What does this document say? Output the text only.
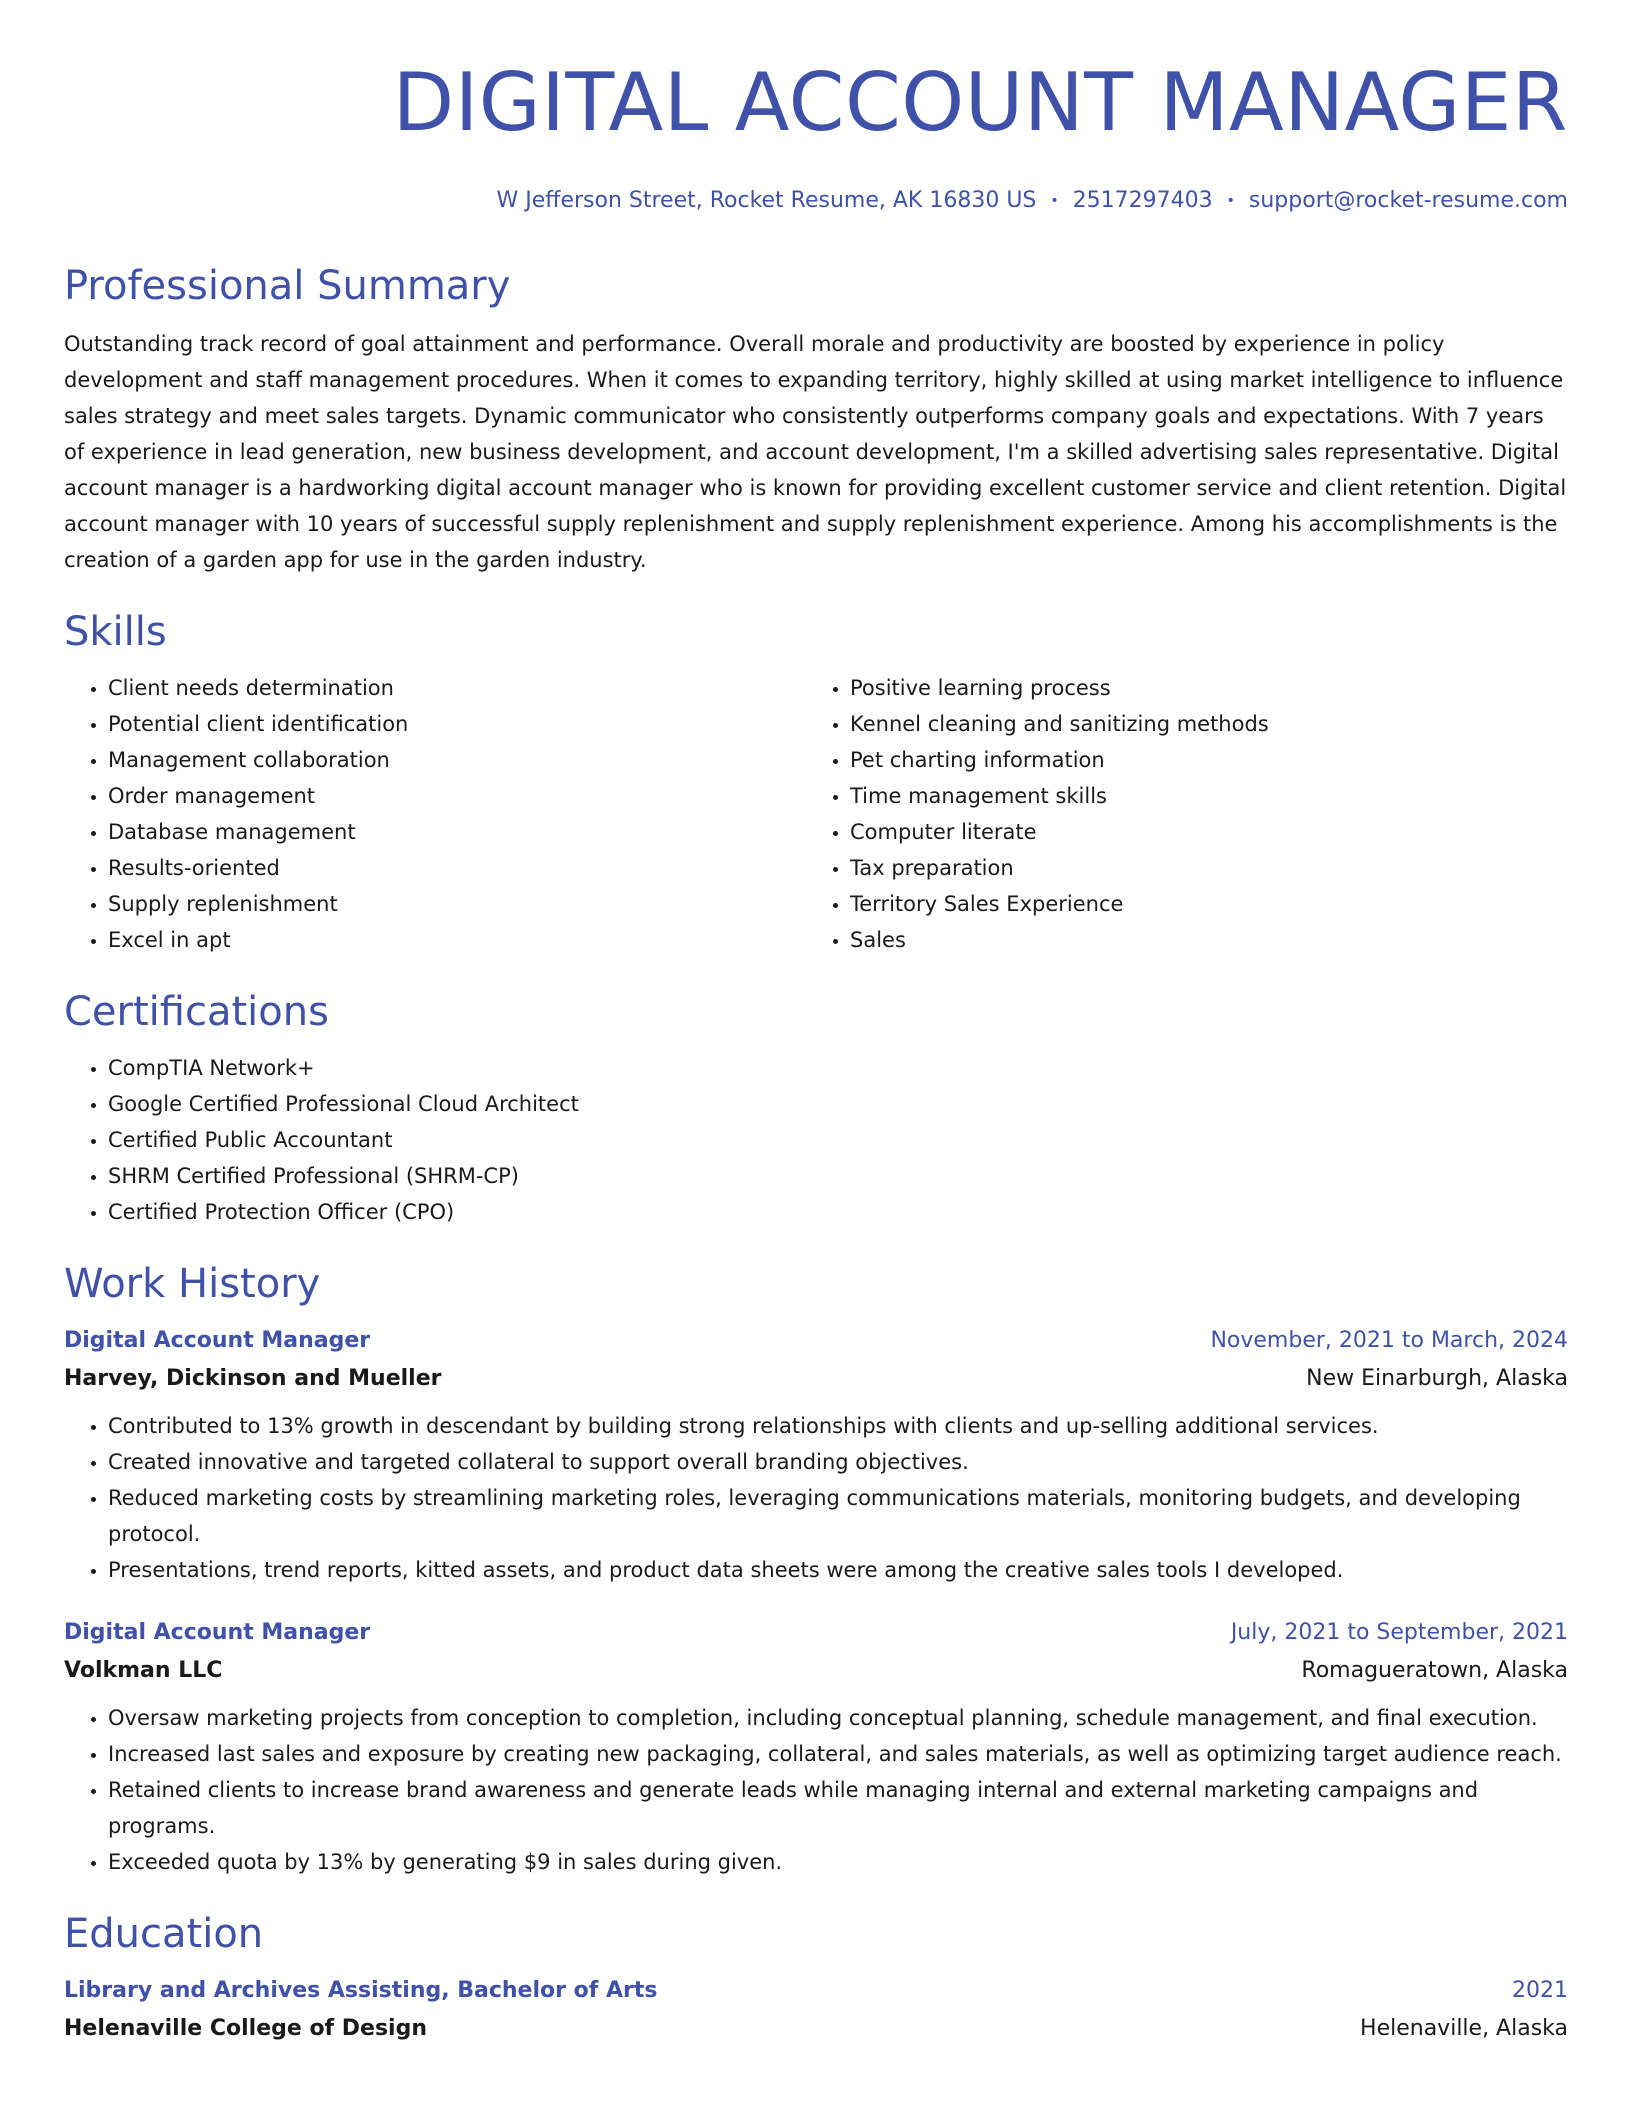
DIGITAL ACCOUNT MANAGER
W Jefferson Street, Rocket Resume, AK 16830 US • 2517297403 • support@rocket-resume.com
Professional Summary

Outstanding track record of goal attainment and performance. Overall morale and productivity are boosted by experience in policy development and staff management procedures. When it comes to expanding territory, highly skilled at using market intelligence to influence sales strategy and meet sales targets. Dynamic communicator who consistently outperforms company goals and expectations. With 7 years of experience in lead generation, new business development, and account development, I'm a skilled advertising sales representative. Digital account manager is a hardworking digital account manager who is known for providing excellent customer service and client retention. Digital account manager with 10 years of successful supply replenishment and supply replenishment experience. Among his accomplishments is the creation of a garden app for use in the garden industry.

Skills
• Client needs determination
• Potential client identification
• Management collaboration
• Order management
• Database management
• Results-oriented
• Supply replenishment
• Excel in apt
• Positive learning process
• Kennel cleaning and sanitizing methods
• Pet charting information
• Time management skills
• Computer literate
• Tax preparation
• Territory Sales Experience
• Sales
Certifications
• CompTIA Network+
• Google Certified Professional Cloud Architect
• Certified Public Accountant
• SHRM Certified Professional (SHRM-CP)
• Certified Protection Officer (CPO)
Work History
Digital Account Manager	November, 2021 to March, 2024
Harvey, Dickinson and Mueller	New Einarburgh, Alaska
• Contributed to 13% growth in descendant by building strong relationships with clients and up-selling additional services.
• Created innovative and targeted collateral to support overall branding objectives.
• Reduced marketing costs by streamlining marketing roles, leveraging communications materials, monitoring budgets, and developing protocol.
• Presentations, trend reports, kitted assets, and product data sheets were among the creative sales tools I developed.
Digital Account Manager	July, 2021 to September, 2021
Volkman LLC	Romagueratown, Alaska
• Oversaw marketing projects from conception to completion, including conceptual planning, schedule management, and final execution.
• Increased last sales and exposure by creating new packaging, collateral, and sales materials, as well as optimizing target audience reach.
• Retained clients to increase brand awareness and generate leads while managing internal and external marketing campaigns and programs.
• Exceeded quota by 13% by generating $9 in sales during given.
Education
Library and Archives Assisting, Bachelor of Arts	2021
Helenaville College of Design	Helenaville, Alaska
